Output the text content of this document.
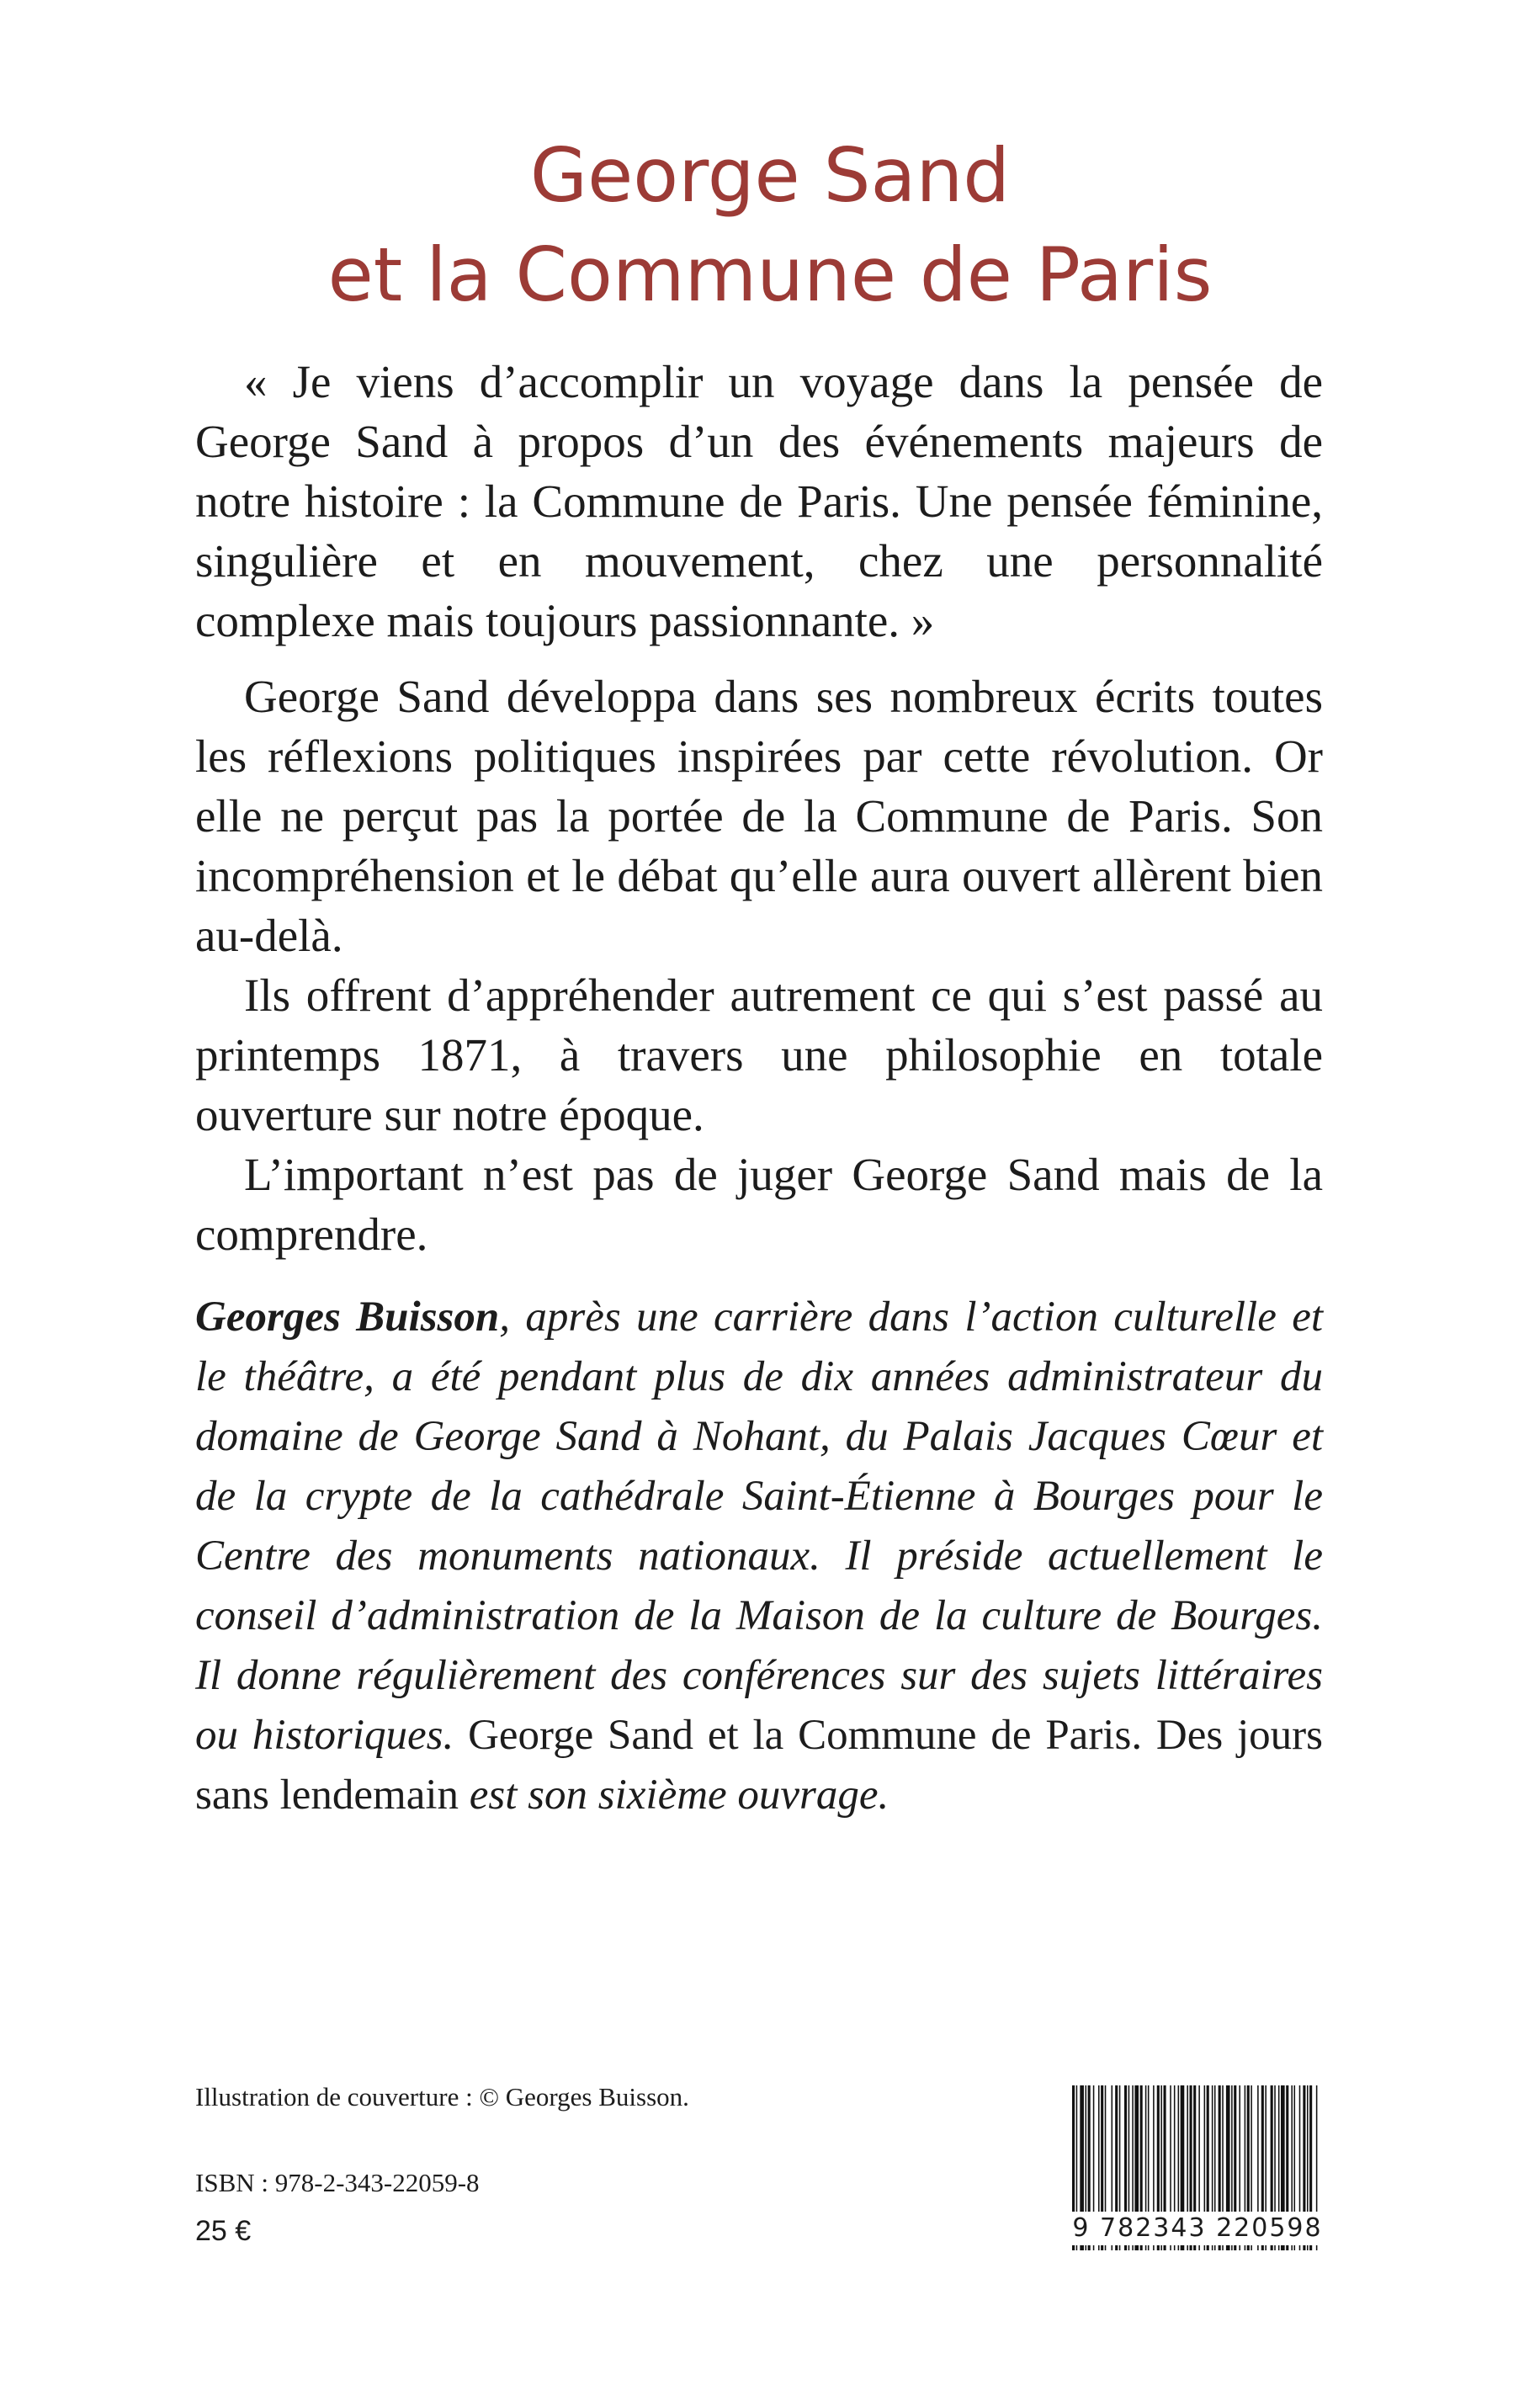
George Sand
et la Commune de Paris

« Je viens d’accomplir un voyage dans la pensée de George Sand à propos d’un des événements majeurs de notre histoire : la Commune de Paris. Une pensée féminine, singulière et en mouvement, chez une personnalité complexe mais toujours passionnante. »

George Sand développa dans ses nombreux écrits toutes les réflexions politiques inspirées par cette révolution. Or elle ne perçut pas la portée de la Commune de Paris. Son incompréhension et le débat qu’elle aura ouvert allèrent bien au-delà.

Ils offrent d’appréhender autrement ce qui s’est passé au printemps 1871, à travers une philosophie en totale ouverture sur notre époque.

L’important n’est pas de juger George Sand mais de la comprendre.

Georges Buisson, après une carrière dans l’action culturelle et le théâtre, a été pendant plus de dix années administrateur du domaine de George Sand à Nohant, du Palais Jacques Cœur et de la crypte de la cathédrale Saint-Étienne à Bourges pour le Centre des monuments nationaux. Il préside actuellement le conseil d’administration de la Maison de la culture de Bourges. Il donne régulièrement des conférences sur des sujets littéraires ou historiques. George Sand et la Commune de Paris. Des jours sans lendemain est son sixième ouvrage.

Illustration de couverture : © Georges Buisson.

ISBN : 978-2-343-22059-8

25 €	9 782343 220598
